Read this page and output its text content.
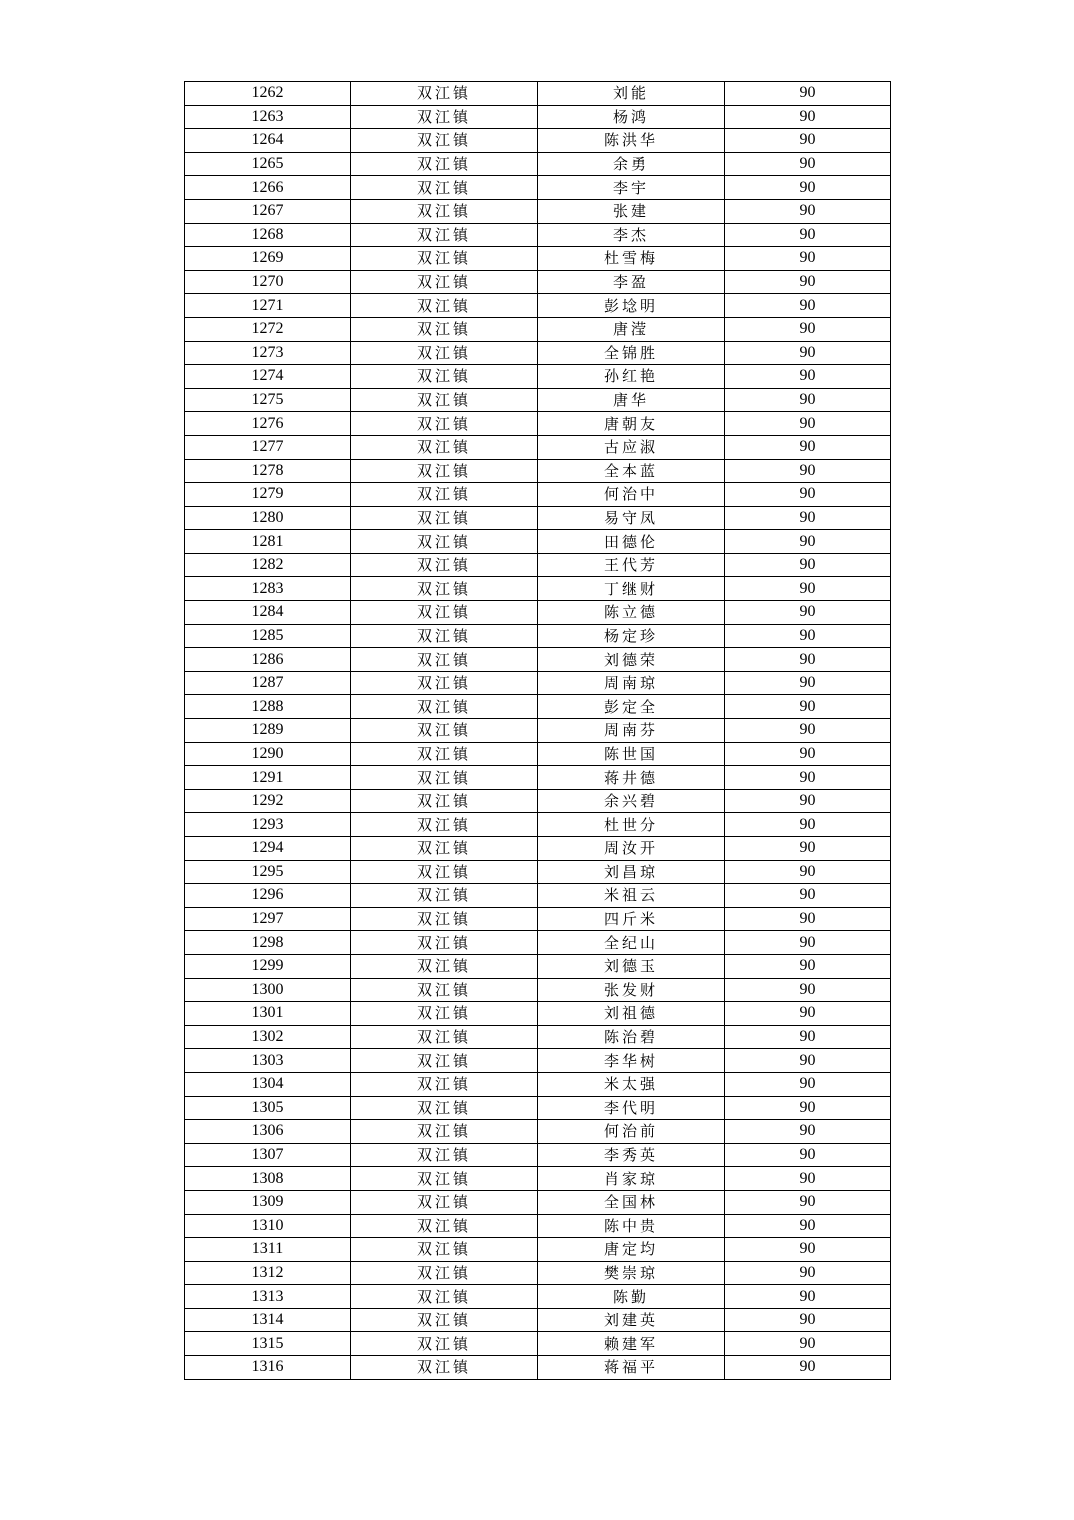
1262	双江镇	刘能	90
1263	双江镇	杨鸿	90
1264	双江镇	陈洪华	90
1265	双江镇	余勇	90
1266	双江镇	李宇	90
1267	双江镇	张建	90
1268	双江镇	李杰	90
1269	双江镇	杜雪梅	90
1270	双江镇	李盈	90
1271	双江镇	彭埝明	90
1272	双江镇	唐滢	90
1273	双江镇	全锦胜	90
1274	双江镇	孙红艳	90
1275	双江镇	唐华	90
1276	双江镇	唐朝友	90
1277	双江镇	古应淑	90
1278	双江镇	全本蓝	90
1279	双江镇	何治中	90
1280	双江镇	易守凤	90
1281	双江镇	田德伦	90
1282	双江镇	王代芳	90
1283	双江镇	丁继财	90
1284	双江镇	陈立德	90
1285	双江镇	杨定珍	90
1286	双江镇	刘德荣	90
1287	双江镇	周南琼	90
1288	双江镇	彭定全	90
1289	双江镇	周南芬	90
1290	双江镇	陈世国	90
1291	双江镇	蒋井德	90
1292	双江镇	余兴碧	90
1293	双江镇	杜世分	90
1294	双江镇	周汝开	90
1295	双江镇	刘昌琼	90
1296	双江镇	米祖云	90
1297	双江镇	四斤米	90
1298	双江镇	全纪山	90
1299	双江镇	刘德玉	90
1300	双江镇	张发财	90
1301	双江镇	刘祖德	90
1302	双江镇	陈治碧	90
1303	双江镇	李华树	90
1304	双江镇	米太强	90
1305	双江镇	李代明	90
1306	双江镇	何治前	90
1307	双江镇	李秀英	90
1308	双江镇	肖家琼	90
1309	双江镇	全国林	90
1310	双江镇	陈中贵	90
1311	双江镇	唐定均	90
1312	双江镇	樊崇琼	90
1313	双江镇	陈勤	90
1314	双江镇	刘建英	90
1315	双江镇	赖建军	90
1316	双江镇	蒋福平	90
